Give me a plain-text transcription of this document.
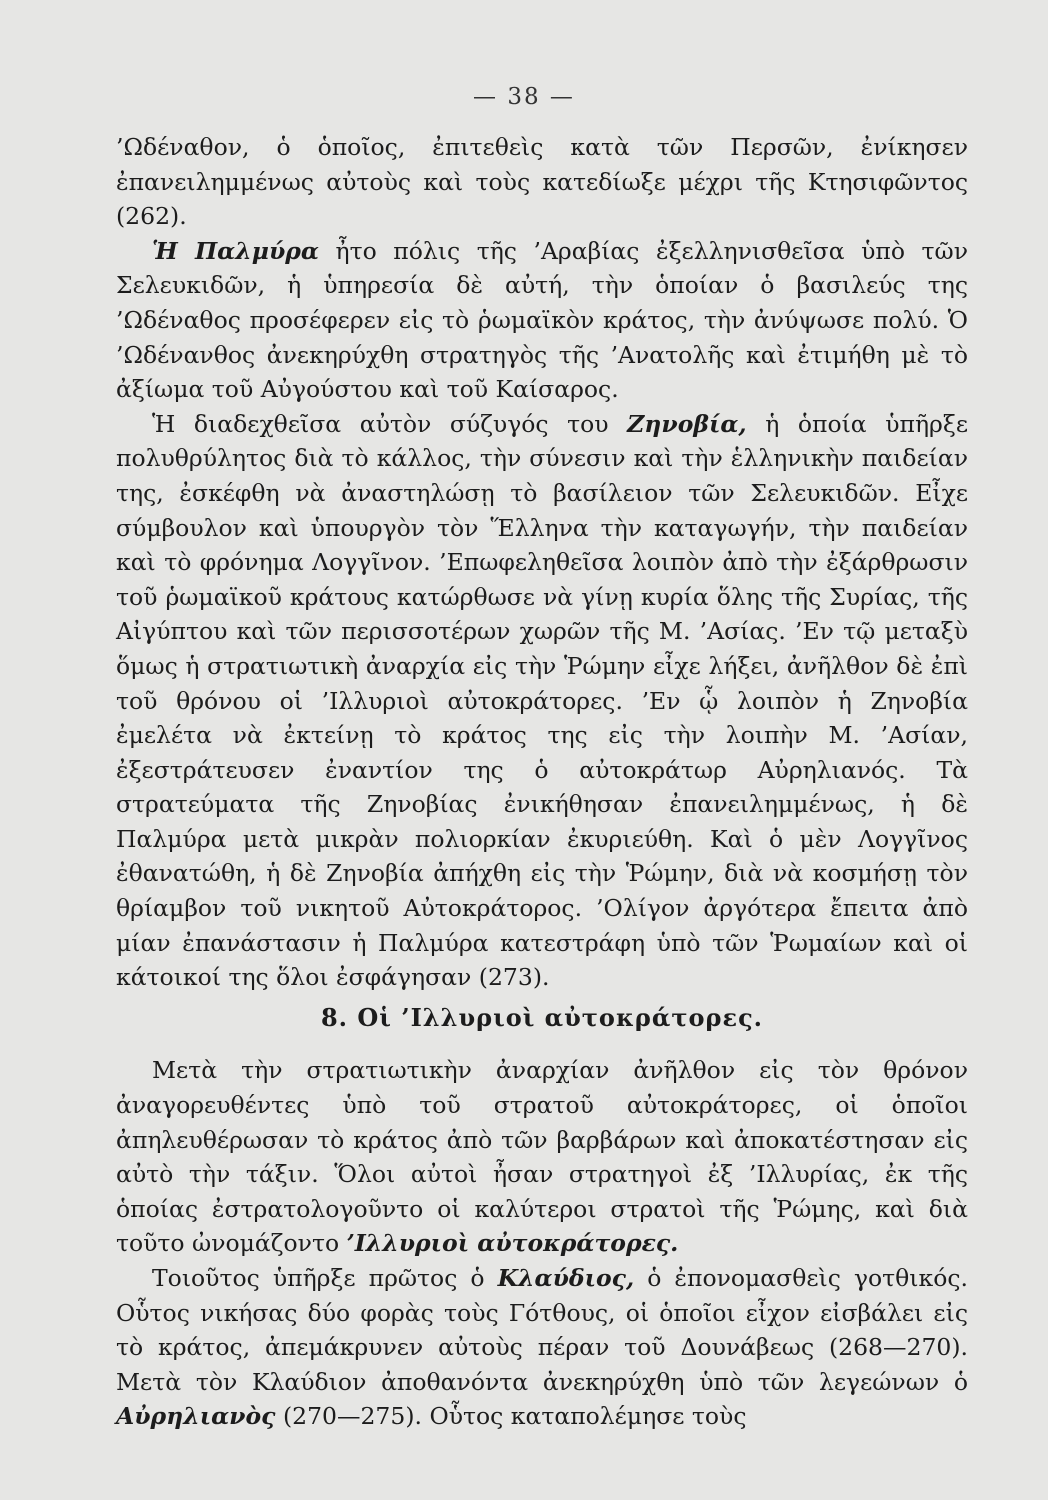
— 38 —

’Ωδέναθον, ὁ ὁποῖος, ἐπιτεθεὶς κατὰ τῶν Περσῶν, ἐνίκησεν ἐπανειλημμένως αὐτοὺς καὶ τοὺς κατεδίωξε μέχρι τῆς Κτησιφῶντος (262).

Ἡ Παλμύρα ἦτο πόλις τῆς ’Αραβίας ἐξελληνισθεῖσα ὑπὸ τῶν Σελευκιδῶν, ἡ ὑπηρεσία δὲ αὐτή, τὴν ὁποίαν ὁ βασιλεύς της ’Ωδέναθος προσέφερεν εἰς τὸ ῥωμαϊκὸν κράτος, τὴν ἀνύψωσε πολύ. Ὁ ’Ωδένανθος ἀνεκηρύχθη στρατηγὸς τῆς ’Ανατολῆς καὶ ἐτιμήθη μὲ τὸ ἀξίωμα τοῦ Αὐγούστου καὶ τοῦ Καίσαρος.

Ἡ διαδεχθεῖσα αὐτὸν σύζυγός του Ζηνοβία, ἡ ὁποία ὑπῆρξε πολυθρύλητος διὰ τὸ κάλλος, τὴν σύνεσιν καὶ τὴν ἑλληνικὴν παιδείαν της, ἐσκέφθη νὰ ἀναστηλώσῃ τὸ βασίλειον τῶν Σελευκιδῶν. Εἶχε σύμβουλον καὶ ὑπουργὸν τὸν Ἕλληνα τὴν καταγωγήν, τὴν παιδείαν καὶ τὸ φρόνημα Λογγῖνον. ’Επωφεληθεῖσα λοιπὸν ἀπὸ τὴν ἐξάρθρωσιν τοῦ ῥωμαϊκοῦ κράτους κατώρθωσε νὰ γίνῃ κυρία ὅλης τῆς Συρίας, τῆς Αἰγύπτου καὶ τῶν περισσοτέρων χωρῶν τῆς Μ. ’Ασίας. ’Εν τῷ μεταξὺ ὅμως ἡ στρατιωτικὴ ἀναρχία εἰς τὴν Ῥώμην εἶχε λήξει, ἀνῆλθον δὲ ἐπὶ τοῦ θρόνου οἱ ’Ιλλυριοὶ αὐτοκράτορες. ’Εν ᾧ λοιπὸν ἡ Ζηνοβία ἐμελέτα νὰ ἐκτείνῃ τὸ κράτος της εἰς τὴν λοιπὴν Μ. ’Ασίαν, ἐξεστράτευσεν ἐναντίον της ὁ αὐτοκράτωρ Αὐρηλιανός. Τὰ στρατεύματα τῆς Ζηνοβίας ἐνικήθησαν ἐπανειλημμένως, ἡ δὲ Παλμύρα μετὰ μικρὰν πολιορκίαν ἐκυριεύθη. Καὶ ὁ μὲν Λογγῖνος ἐθανατώθη, ἡ δὲ Ζηνοβία ἀπήχθη εἰς τὴν Ῥώμην, διὰ νὰ κοσμήσῃ τὸν θρίαμβον τοῦ νικητοῦ Αὐτοκράτορος. ’Ολίγον ἀργότερα ἔπειτα ἀπὸ μίαν ἐπανάστασιν ἡ Παλμύρα κατεστράφη ὑπὸ τῶν Ῥωμαίων καὶ οἱ κάτοικοί της ὅλοι ἐσφάγησαν (273).

8. Οἱ ’Ιλλυριοὶ αὐτοκράτορες.

Μετὰ τὴν στρατιωτικὴν ἀναρχίαν ἀνῆλθον εἰς τὸν θρόνον ἀναγορευθέντες ὑπὸ τοῦ στρατοῦ αὐτοκράτορες, οἱ ὁποῖοι ἀπηλευθέρωσαν τὸ κράτος ἀπὸ τῶν βαρβάρων καὶ ἀποκατέστησαν εἰς αὐτὸ τὴν τάξιν. Ὅλοι αὐτοὶ ἦσαν στρατηγοὶ ἐξ ’Ιλλυρίας, ἐκ τῆς ὁποίας ἐστρατολογοῦντο οἱ καλύτεροι στρατοὶ τῆς Ῥώμης, καὶ διὰ τοῦτο ὠνομάζοντο ’Ιλλυριοὶ αὐτοκράτορες.

Τοιοῦτος ὑπῆρξε πρῶτος ὁ Κλαύδιος, ὁ ἐπονομασθεὶς γοτθικός. Οὗτος νικήσας δύο φορὰς τοὺς Γότθους, οἱ ὁποῖοι εἶχον εἰσβάλει εἰς τὸ κράτος, ἀπεμάκρυνεν αὐτοὺς πέραν τοῦ Δουνάβεως (268—270). Μετὰ τὸν Κλαύδιον ἀποθανόντα ἀνεκηρύχθη ὑπὸ τῶν λεγεώνων ὁ Αὐρηλιανὸς (270—275). Οὗτος καταπολέμησε τοὺς
